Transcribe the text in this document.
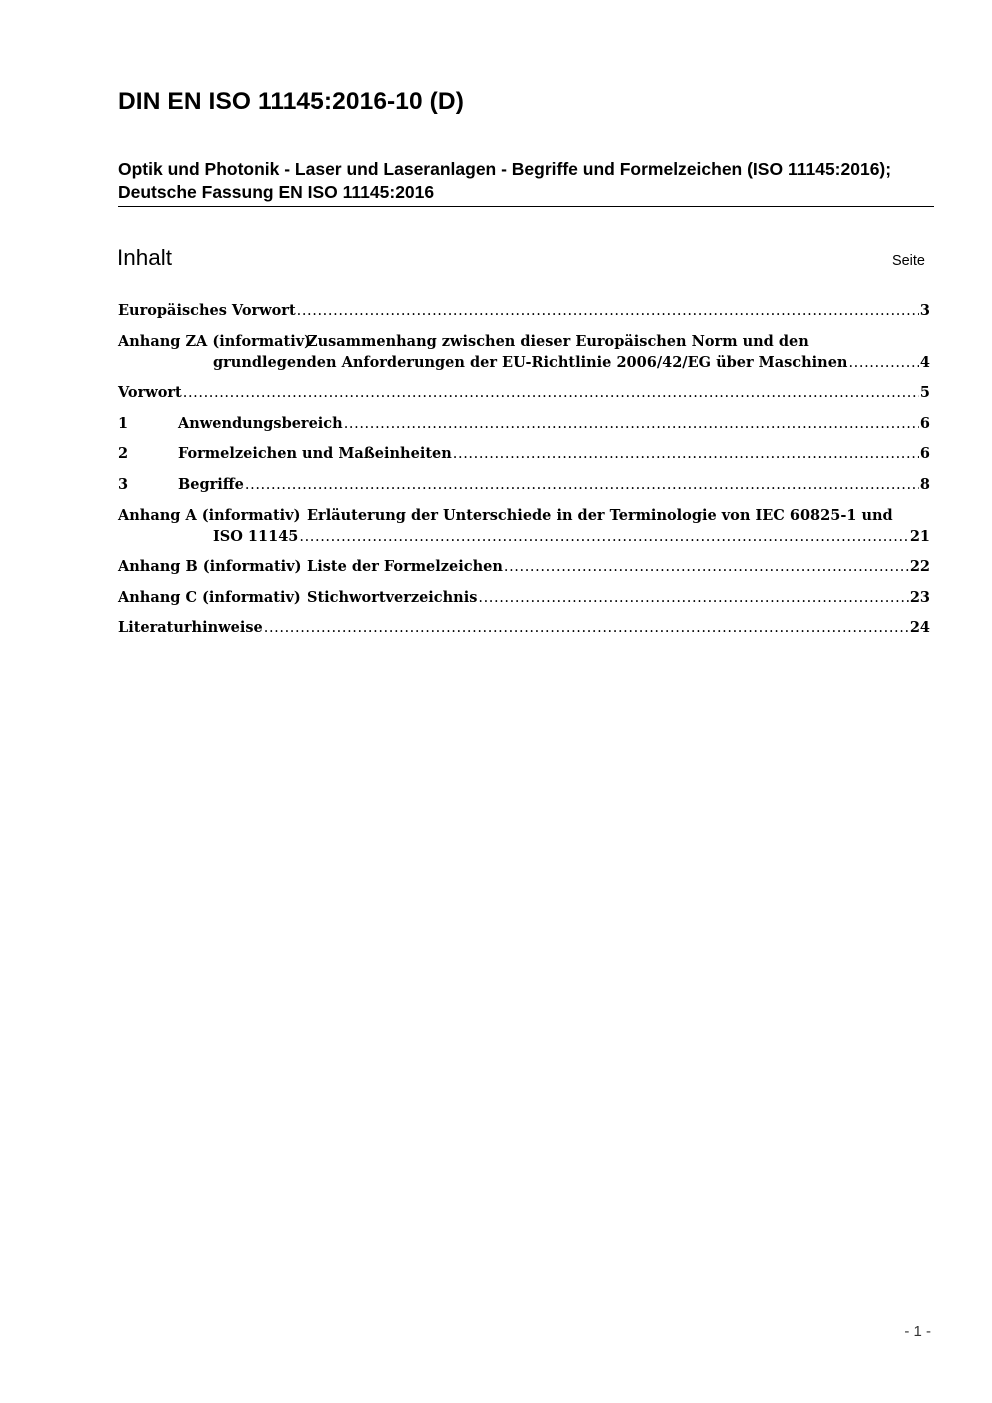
DIN EN ISO 11145:2016-10 (D)
Optik und Photonik - Laser und Laseranlagen - Begriffe und Formelzeichen (ISO 11145:2016); Deutsche Fassung EN ISO 11145:2016
Inhalt	Seite
Europäisches Vorwort .....	3
Anhang ZA (informativ)
Zusammenhang zwischen dieser Europäischen Norm und den
grundlegenden Anforderungen der EU-Richtlinie 2006/42/EG über Maschinen .....	4
Vorwort .....	5
1	Anwendungsbereich .....	6
2	Formelzeichen und Maßeinheiten .....	6
3	Begriffe .....	8
Anhang A (informativ) Erläuterung der Unterschiede in der Terminologie von IEC 60825-1 und
ISO 11145 .....	21
Anhang B (informativ) Liste der Formelzeichen .....	22
Anhang C (informativ) Stichwortverzeichnis .....	23
Literaturhinweise .....	24
- 1 -
